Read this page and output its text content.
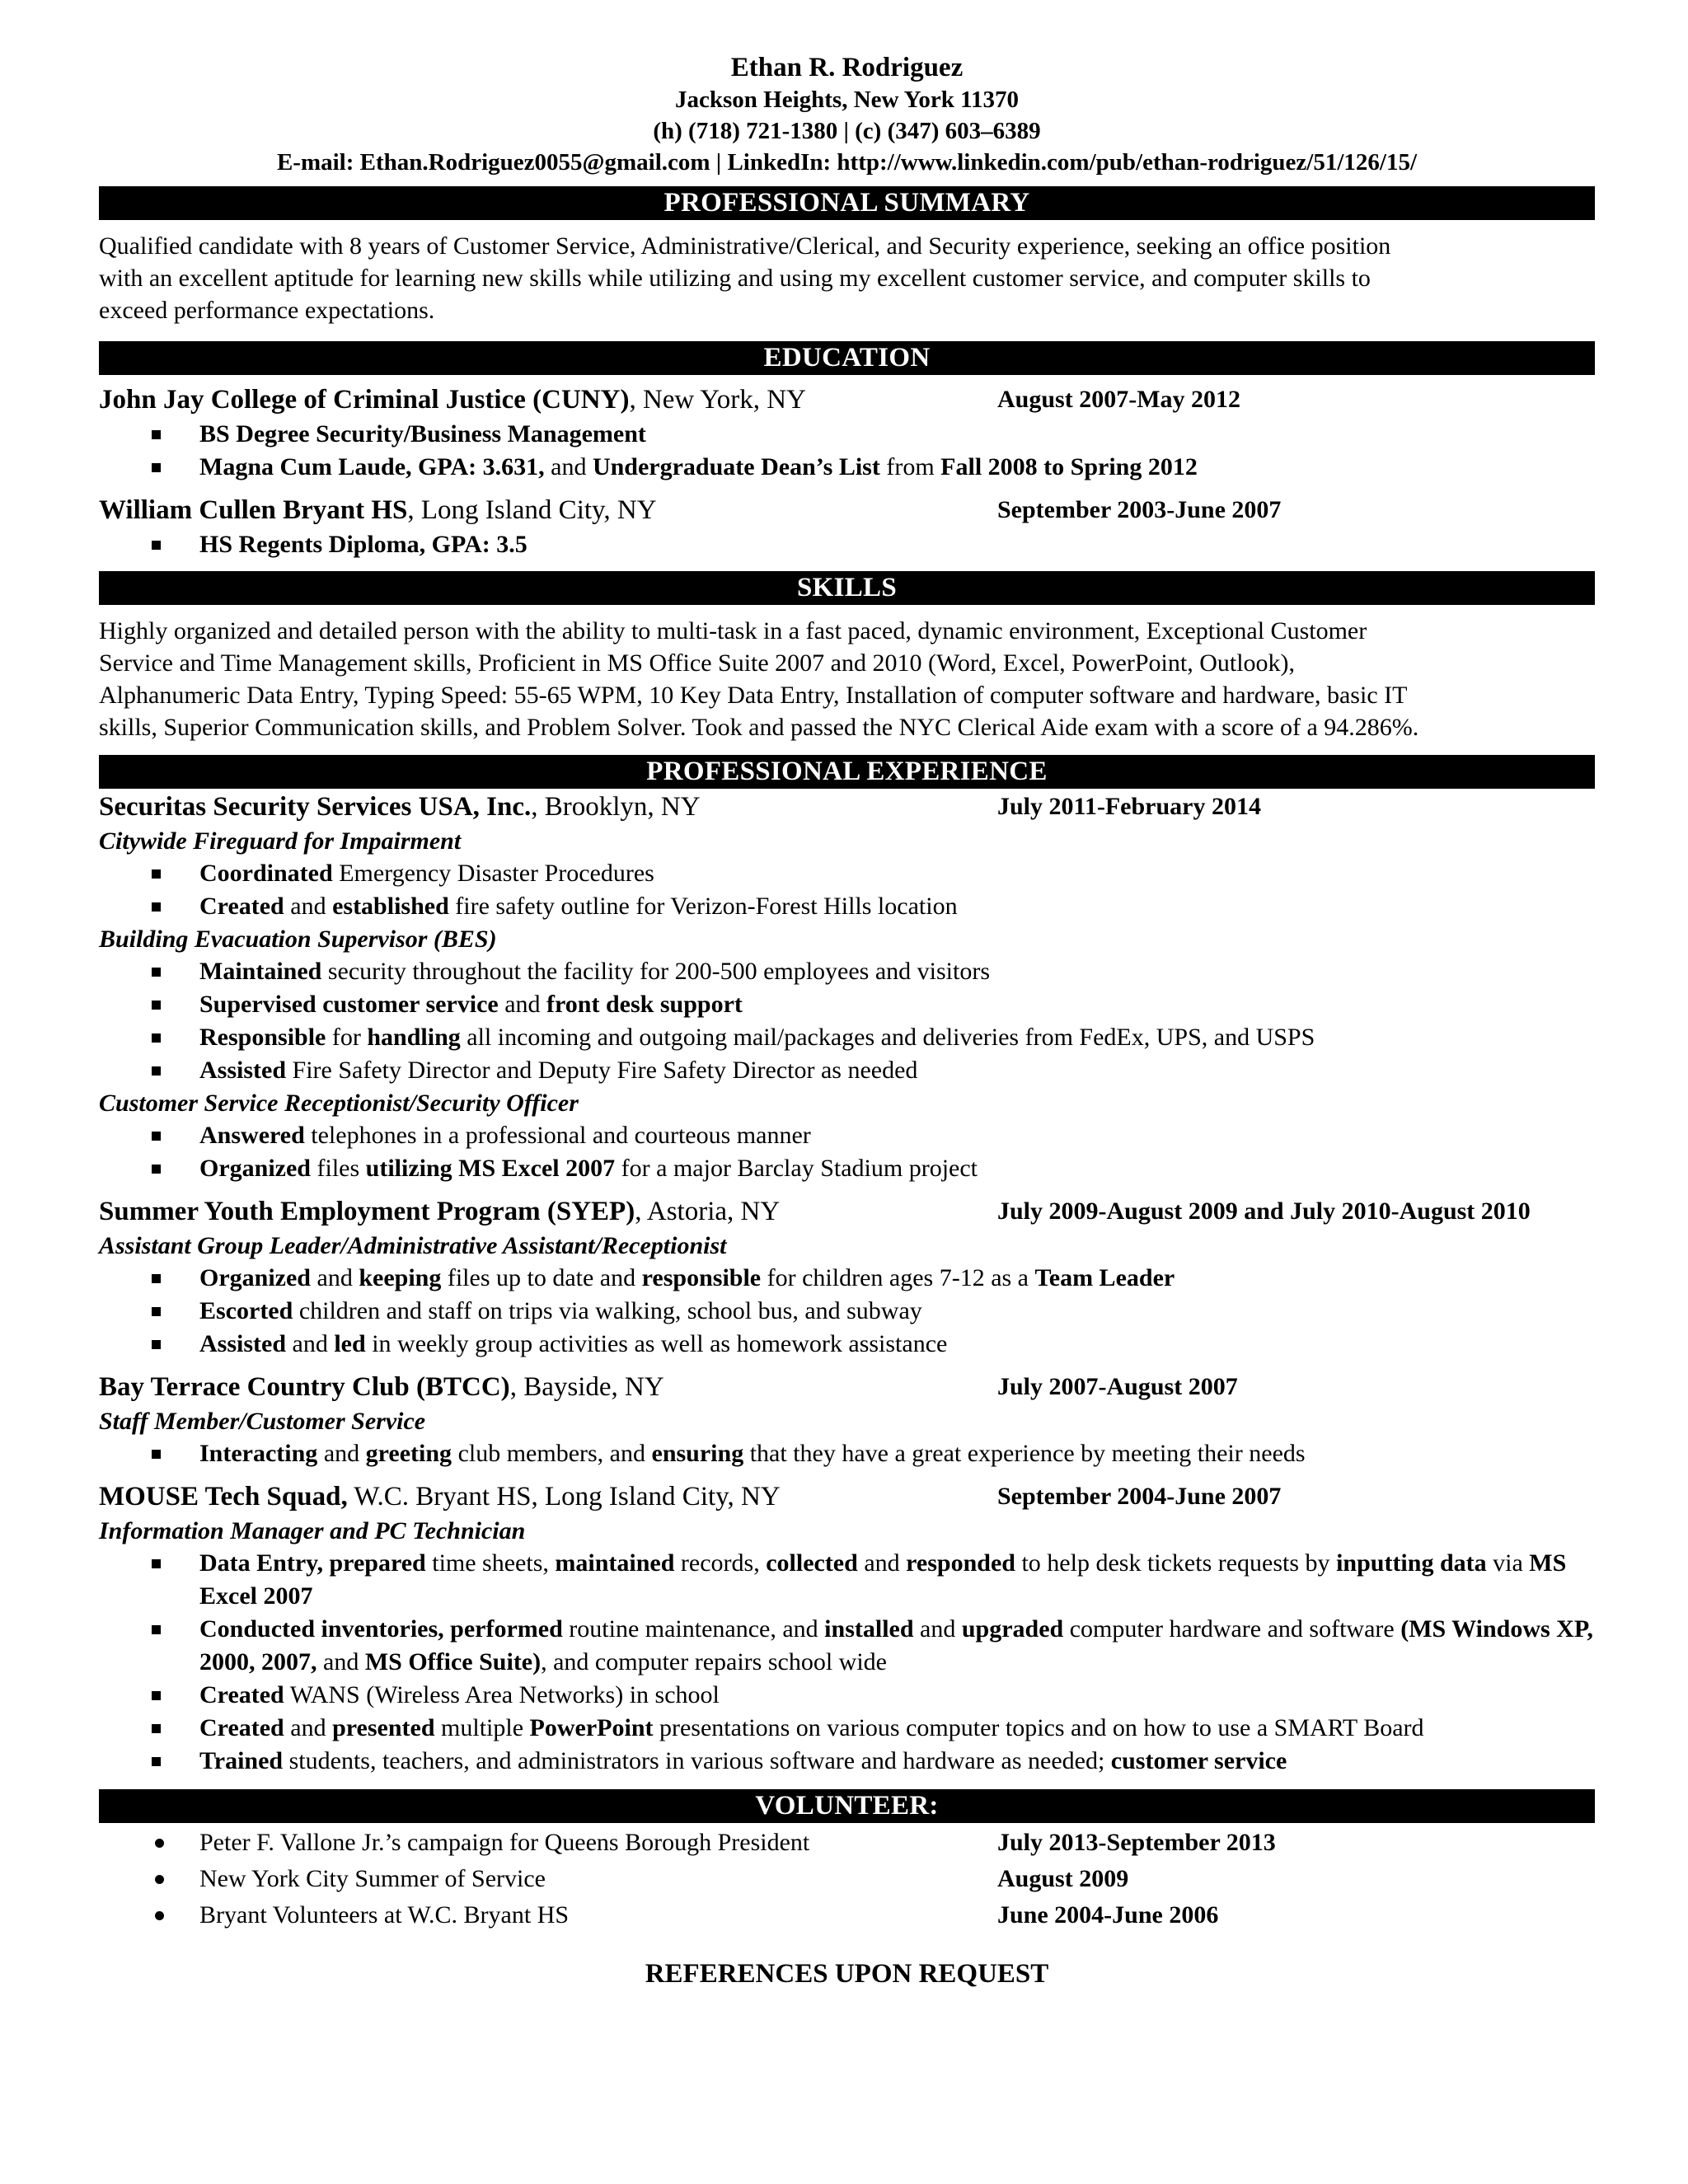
Ethan R. Rodriguez
Jackson Heights, New York 11370
(h) (718) 721-1380 | (c) (347) 603–6389
E-mail: Ethan.Rodriguez0055@gmail.com | LinkedIn: http://www.linkedin.com/pub/ethan-rodriguez/51/126/15/
PROFESSIONAL SUMMARY
Qualified candidate with 8 years of Customer Service, Administrative/Clerical, and Security experience, seeking an office position
with an excellent aptitude for learning new skills while utilizing and using my excellent customer service, and computer skills to
exceed performance expectations.
EDUCATION
John Jay College of Criminal Justice (CUNY), New York, NY	August 2007-May 2012
BS Degree Security/Business Management
Magna Cum Laude, GPA: 3.631, and Undergraduate Dean’s List from Fall 2008 to Spring 2012
William Cullen Bryant HS, Long Island City, NY	September 2003-June 2007
HS Regents Diploma, GPA: 3.5
SKILLS
Highly organized and detailed person with the ability to multi-task in a fast paced, dynamic environment, Exceptional Customer
Service and Time Management skills, Proficient in MS Office Suite 2007 and 2010 (Word, Excel, PowerPoint, Outlook),
Alphanumeric Data Entry, Typing Speed: 55-65 WPM, 10 Key Data Entry, Installation of computer software and hardware, basic IT
skills, Superior Communication skills, and Problem Solver. Took and passed the NYC Clerical Aide exam with a score of a 94.286%.
PROFESSIONAL EXPERIENCE
Securitas Security Services USA, Inc., Brooklyn, NY	July 2011-February 2014
Citywide Fireguard for Impairment
Coordinated Emergency Disaster Procedures
Created and established fire safety outline for Verizon-Forest Hills location
Building Evacuation Supervisor (BES)
Maintained security throughout the facility for 200-500 employees and visitors
Supervised customer service and front desk support
Responsible for handling all incoming and outgoing mail/packages and deliveries from FedEx, UPS, and USPS
Assisted Fire Safety Director and Deputy Fire Safety Director as needed
Customer Service Receptionist/Security Officer
Answered telephones in a professional and courteous manner
Organized files utilizing MS Excel 2007 for a major Barclay Stadium project
Summer Youth Employment Program (SYEP), Astoria, NY	July 2009-August 2009 and July 2010-August 2010
Assistant Group Leader/Administrative Assistant/Receptionist
Organized and keeping files up to date and responsible for children ages 7-12 as a Team Leader
Escorted children and staff on trips via walking, school bus, and subway
Assisted and led in weekly group activities as well as homework assistance
Bay Terrace Country Club (BTCC), Bayside, NY	July 2007-August 2007
Staff Member/Customer Service
Interacting and greeting club members, and ensuring that they have a great experience by meeting their needs
MOUSE Tech Squad, W.C. Bryant HS, Long Island City, NY	September 2004-June 2007
Information Manager and PC Technician
Data Entry, prepared time sheets, maintained records, collected and responded to help desk tickets requests by inputting data via MS Excel 2007
Conducted inventories, performed routine maintenance, and installed and upgraded computer hardware and software (MS Windows XP, 2000, 2007, and MS Office Suite), and computer repairs school wide
Created WANS (Wireless Area Networks) in school
Created and presented multiple PowerPoint presentations on various computer topics and on how to use a SMART Board
Trained students, teachers, and administrators in various software and hardware as needed; customer service
VOLUNTEER:
Peter F. Vallone Jr.’s campaign for Queens Borough President	July 2013-September 2013
New York City Summer of Service	August 2009
Bryant Volunteers at W.C. Bryant HS	June 2004-June 2006
REFERENCES UPON REQUEST
